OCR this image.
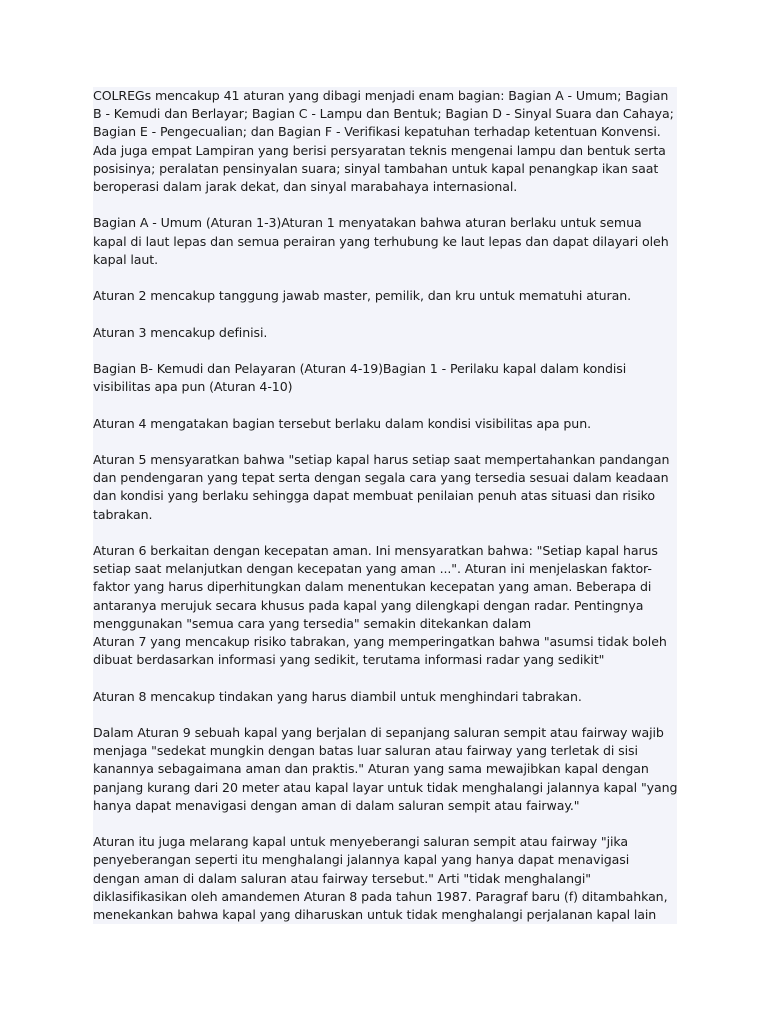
COLREGs mencakup 41 aturan yang dibagi menjadi enam bagian: Bagian A - Umum; Bagian
B - Kemudi dan Berlayar; Bagian C - Lampu dan Bentuk; Bagian D - Sinyal Suara dan Cahaya;
Bagian E - Pengecualian; dan Bagian F - Verifikasi kepatuhan terhadap ketentuan Konvensi.
Ada juga empat Lampiran yang berisi persyaratan teknis mengenai lampu dan bentuk serta
posisinya; peralatan pensinyalan suara; sinyal tambahan untuk kapal penangkap ikan saat
beroperasi dalam jarak dekat, dan sinyal marabahaya internasional.
Bagian A - Umum (Aturan 1-3)Aturan 1 menyatakan bahwa aturan berlaku untuk semua
kapal di laut lepas dan semua perairan yang terhubung ke laut lepas dan dapat dilayari oleh
kapal laut.
Aturan 2 mencakup tanggung jawab master, pemilik, dan kru untuk mematuhi aturan.
Aturan 3 mencakup definisi.
Bagian B- Kemudi dan Pelayaran (Aturan 4-19)Bagian 1 - Perilaku kapal dalam kondisi
visibilitas apa pun (Aturan 4-10)
Aturan 4 mengatakan bagian tersebut berlaku dalam kondisi visibilitas apa pun.
Aturan 5 mensyaratkan bahwa "setiap kapal harus setiap saat mempertahankan pandangan
dan pendengaran yang tepat serta dengan segala cara yang tersedia sesuai dalam keadaan
dan kondisi yang berlaku sehingga dapat membuat penilaian penuh atas situasi dan risiko
tabrakan.
Aturan 6 berkaitan dengan kecepatan aman. Ini mensyaratkan bahwa: "Setiap kapal harus
setiap saat melanjutkan dengan kecepatan yang aman ...". Aturan ini menjelaskan faktor-
faktor yang harus diperhitungkan dalam menentukan kecepatan yang aman. Beberapa di
antaranya merujuk secara khusus pada kapal yang dilengkapi dengan radar. Pentingnya
menggunakan "semua cara yang tersedia" semakin ditekankan dalam
Aturan 7 yang mencakup risiko tabrakan, yang memperingatkan bahwa "asumsi tidak boleh
dibuat berdasarkan informasi yang sedikit, terutama informasi radar yang sedikit"
Aturan 8 mencakup tindakan yang harus diambil untuk menghindari tabrakan.
Dalam Aturan 9 sebuah kapal yang berjalan di sepanjang saluran sempit atau fairway wajib
menjaga "sedekat mungkin dengan batas luar saluran atau fairway yang terletak di sisi
kanannya sebagaimana aman dan praktis." Aturan yang sama mewajibkan kapal dengan
panjang kurang dari 20 meter atau kapal layar untuk tidak menghalangi jalannya kapal "yang
hanya dapat menavigasi dengan aman di dalam saluran sempit atau fairway."
Aturan itu juga melarang kapal untuk menyeberangi saluran sempit atau fairway "jika
penyeberangan seperti itu menghalangi jalannya kapal yang hanya dapat menavigasi
dengan aman di dalam saluran atau fairway tersebut." Arti "tidak menghalangi"
diklasifikasikan oleh amandemen Aturan 8 pada tahun 1987. Paragraf baru (f) ditambahkan,
menekankan bahwa kapal yang diharuskan untuk tidak menghalangi perjalanan kapal lain
